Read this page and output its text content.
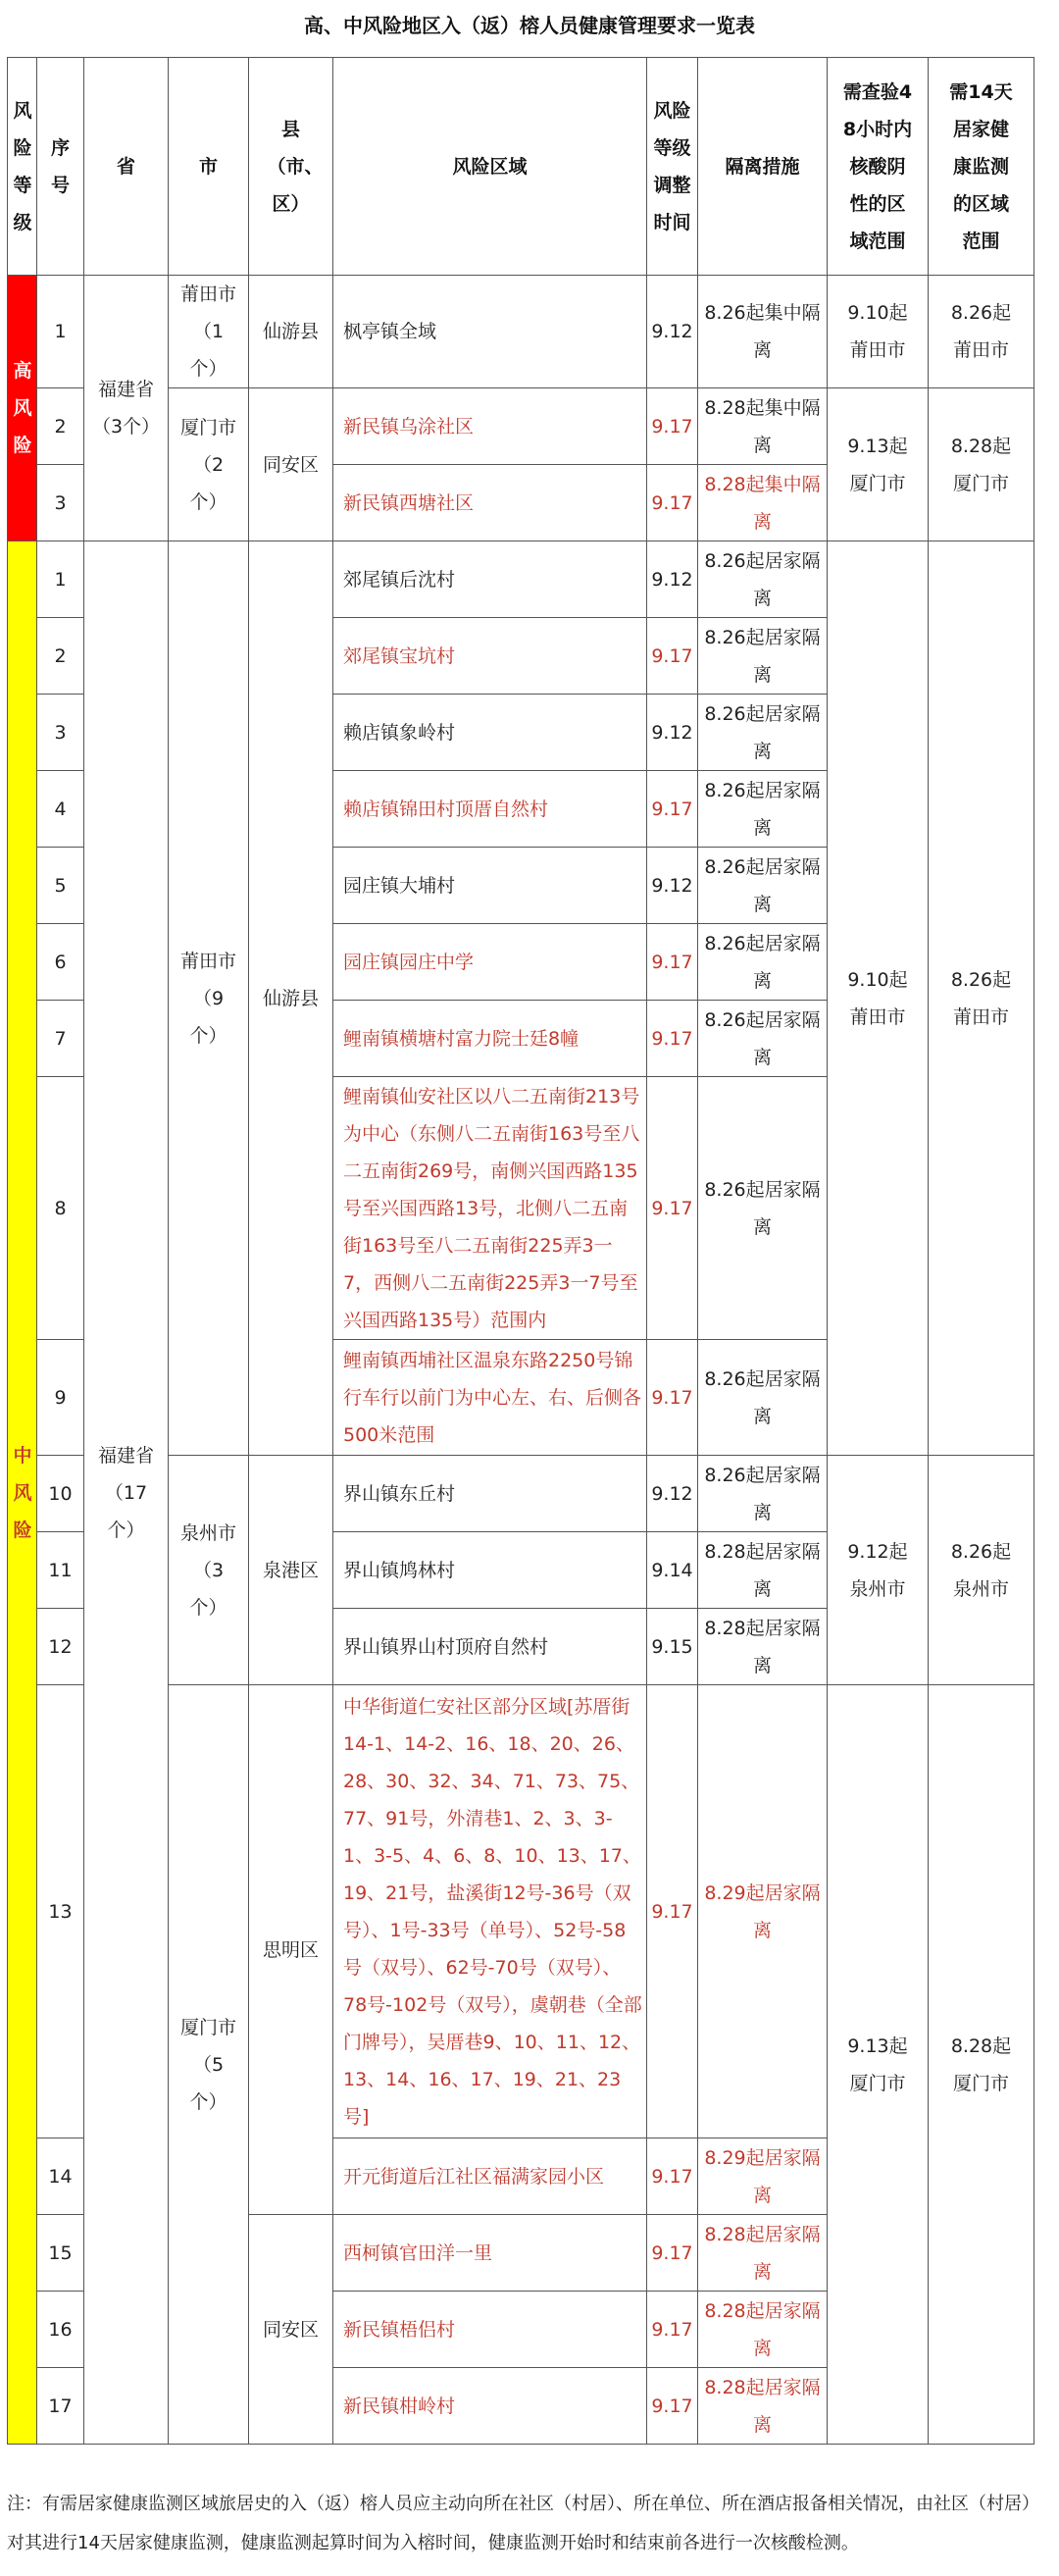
高、中风险地区入（返）榕人员健康管理要求一览表
风险等级	序号	省	市	县（市、区）	风险区域	风险等级调整时间	隔离措施	需查验48小时内核酸阴性的区域范围	需14天居家健康监测的区域范围
高风险	1	福建省（3个）	莆田市（1个）	仙游县	枫亭镇全域	9.12	8.26起集中隔离	9.10起莆田市	8.26起莆田市
	2		厦门市（2个）	同安区	新民镇乌涂社区	9.17	8.28起集中隔离	9.13起厦门市	8.28起厦门市
	3				新民镇西塘社区	9.17	8.28起集中隔离		
中风险	1	福建省（17个）	莆田市（9个）	仙游县	郊尾镇后沈村	9.12	8.26起居家隔离	9.10起莆田市	8.26起莆田市
	2				郊尾镇宝坑村	9.17	8.26起居家隔离		
	3				赖店镇象岭村	9.12	8.26起居家隔离		
	4				赖店镇锦田村顶厝自然村	9.17	8.26起居家隔离		
	5				园庄镇大埔村	9.12	8.26起居家隔离		
	6				园庄镇园庄中学	9.17	8.26起居家隔离		
	7				鲤南镇横塘村富力院士廷8幢	9.17	8.26起居家隔离		
	8				鲤南镇仙安社区以八二五南街213号为中心（东侧八二五南街163号至八二五南街269号，南侧兴国西路135号至兴国西路13号，北侧八二五南街163号至八二五南街225弄3一7，西侧八二五南街225弄3一7号至兴国西路135号）范围内	9.17	8.26起居家隔离		
	9				鲤南镇西埔社区温泉东路2250号锦行车行以前门为中心左、右、后侧各500米范围	9.17	8.26起居家隔离		
	10		泉州市（3个）	泉港区	界山镇东丘村	9.12	8.26起居家隔离	9.12起泉州市	8.26起泉州市
	11				界山镇鸠林村	9.14	8.28起居家隔离		
	12				界山镇界山村顶府自然村	9.15	8.28起居家隔离		
	13		厦门市（5个）	思明区	中华街道仁安社区部分区域[苏厝街14-1、14-2、16、18、20、26、28、30、32、34、71、73、75、77、91号，外清巷1、2、3、3-1、3-5、4、6、8、10、13、17、19、21号，盐溪街12号-36号（双号）、1号-33号（单号）、52号-58号（双号）、62号-70号（双号）、78号-102号（双号），虞朝巷（全部门牌号），吴厝巷9、10、11、12、13、14、16、17、19、21、23号]	9.17	8.29起居家隔离	9.13起厦门市	8.28起厦门市
	14				开元街道后江社区福满家园小区	9.17	8.29起居家隔离		
	15			同安区	西柯镇官田洋一里	9.17	8.28起居家隔离		
	16				新民镇梧侣村	9.17	8.28起居家隔离		
	17				新民镇柑岭村	9.17	8.28起居家隔离		
注：有需居家健康监测区域旅居史的入（返）榕人员应主动向所在社区（村居）、所在单位、所在酒店报备相关情况，由社区（村居）对其进行14天居家健康监测，健康监测起算时间为入榕时间，健康监测开始时和结束前各进行一次核酸检测。
